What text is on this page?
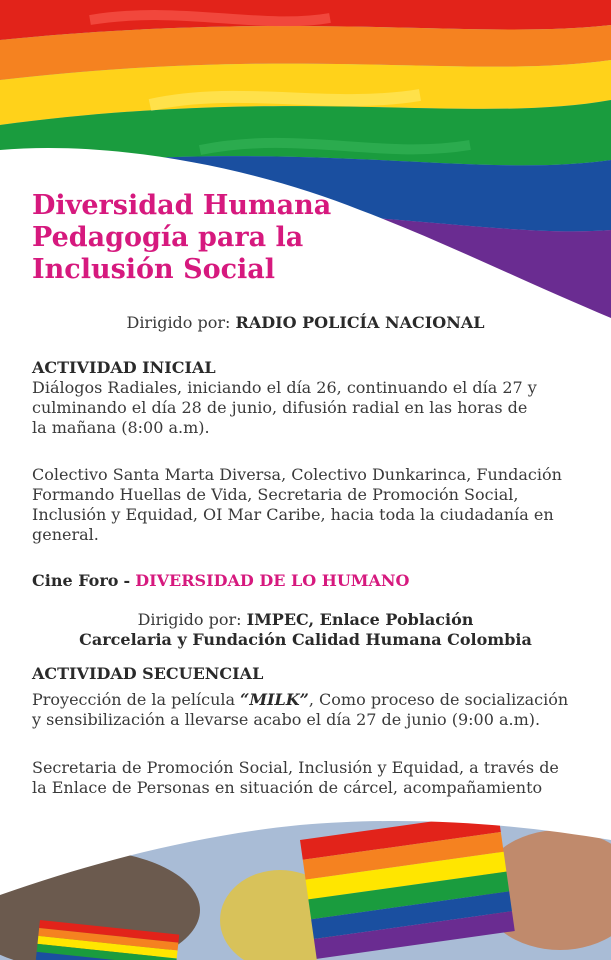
Diversidad Humana
Pedagogía para la
Inclusión Social

Dirigido por: RADIO POLICÍA NACIONAL

ACTIVIDAD INICIAL
Diálogos Radiales, iniciando el día 26, continuando el día 27 y
culminando el día 28 de junio, difusión radial en las horas de
la mañana (8:00 a.m).
Colectivo Santa Marta Diversa, Colectivo Dunkarinca, Fundación
Formando Huellas de Vida, Secretaria de Promoción Social,
Inclusión y Equidad, OI Mar Caribe, hacia toda la ciudadanía en
general.
Cine Foro - DIVERSIDAD DE LO HUMANO
Dirigido por: IMPEC, Enlace Población
Carcelaria y Fundación Calidad Humana Colombia
ACTIVIDAD SECUENCIAL
Proyección de la película “MILK”, Como proceso de socialización
y sensibilización a llevarse acabo el día 27 de junio (9:00 a.m).
Secretaria de Promoción Social, Inclusión y Equidad, a través de
la Enlace de Personas en situación de cárcel, acompañamiento
